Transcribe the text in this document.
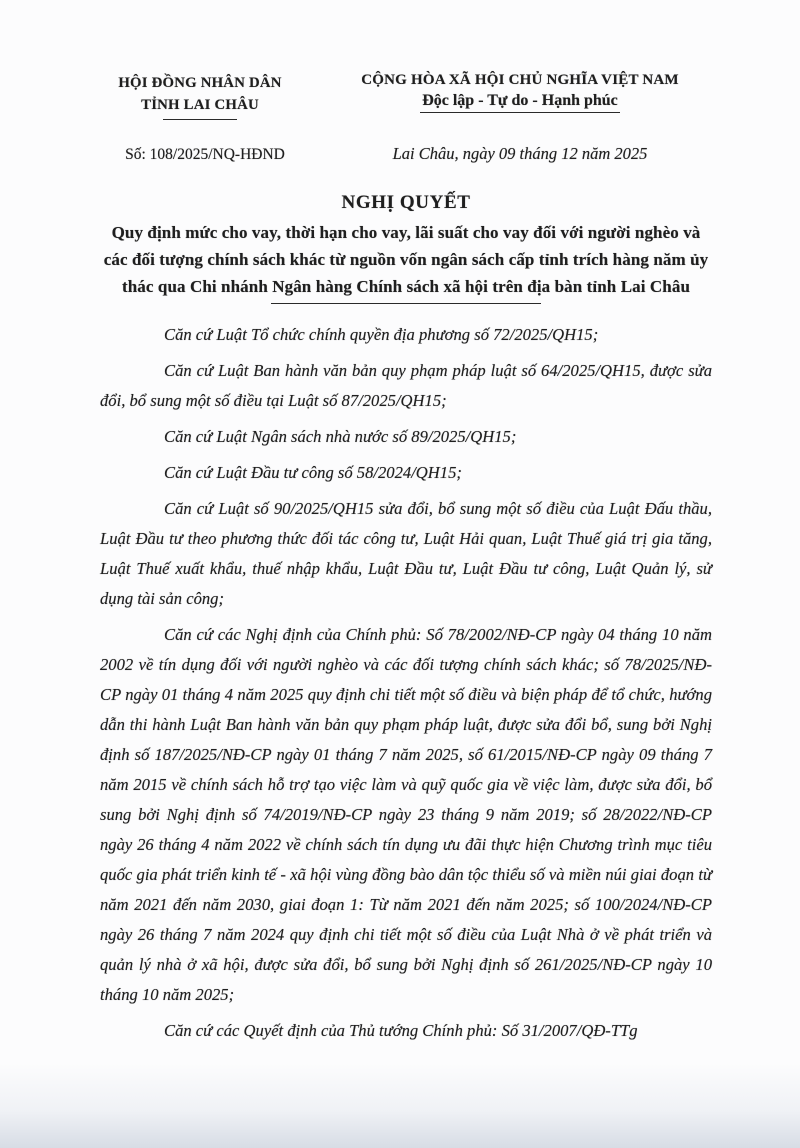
HỘI ĐỒNG NHÂN DÂN
TỈNH LAI CHÂU
CỘNG HÒA XÃ HỘI CHỦ NGHĨA VIỆT NAM
Độc lập - Tự do - Hạnh phúc
Số: 108/2025/NQ-HĐND	Lai Châu, ngày 09 tháng 12 năm 2025
NGHỊ QUYẾT
Quy định mức cho vay, thời hạn cho vay, lãi suất cho vay đối với người nghèo và các đối tượng chính sách khác từ nguồn vốn ngân sách cấp tỉnh trích hàng năm ủy thác qua Chi nhánh Ngân hàng Chính sách xã hội trên địa bàn tỉnh Lai Châu

Căn cứ Luật Tổ chức chính quyền địa phương số 72/2025/QH15;

Căn cứ Luật Ban hành văn bản quy phạm pháp luật số 64/2025/QH15, được sửa đổi, bổ sung một số điều tại Luật số 87/2025/QH15;

Căn cứ Luật Ngân sách nhà nước số 89/2025/QH15;

Căn cứ Luật Đầu tư công số 58/2024/QH15;

Căn cứ Luật số 90/2025/QH15 sửa đổi, bổ sung một số điều của Luật Đấu thầu, Luật Đầu tư theo phương thức đối tác công tư, Luật Hải quan, Luật Thuế giá trị gia tăng, Luật Thuế xuất khẩu, thuế nhập khẩu, Luật Đầu tư, Luật Đầu tư công, Luật Quản lý, sử dụng tài sản công;

Căn cứ các Nghị định của Chính phủ: Số 78/2002/NĐ-CP ngày 04 tháng 10 năm 2002 về tín dụng đối với người nghèo và các đối tượng chính sách khác; số 78/2025/NĐ-CP ngày 01 tháng 4 năm 2025 quy định chi tiết một số điều và biện pháp để tổ chức, hướng dẫn thi hành Luật Ban hành văn bản quy phạm pháp luật, được sửa đổi bổ, sung bởi Nghị định số 187/2025/NĐ-CP ngày 01 tháng 7 năm 2025, số 61/2015/NĐ-CP ngày 09 tháng 7 năm 2015 về chính sách hỗ trợ tạo việc làm và quỹ quốc gia về việc làm, được sửa đổi, bổ sung bởi Nghị định số 74/2019/NĐ-CP ngày 23 tháng 9 năm 2019; số 28/2022/NĐ-CP ngày 26 tháng 4 năm 2022 về chính sách tín dụng ưu đãi thực hiện Chương trình mục tiêu quốc gia phát triển kinh tế - xã hội vùng đồng bào dân tộc thiểu số và miền núi giai đoạn từ năm 2021 đến năm 2030, giai đoạn 1: Từ năm 2021 đến năm 2025; số 100/2024/NĐ-CP ngày 26 tháng 7 năm 2024 quy định chi tiết một số điều của Luật Nhà ở về phát triển và quản lý nhà ở xã hội, được sửa đổi, bổ sung bởi Nghị định số 261/2025/NĐ-CP ngày 10 tháng 10 năm 2025;

Căn cứ các Quyết định của Thủ tướng Chính phủ: Số 31/2007/QĐ-TTg
